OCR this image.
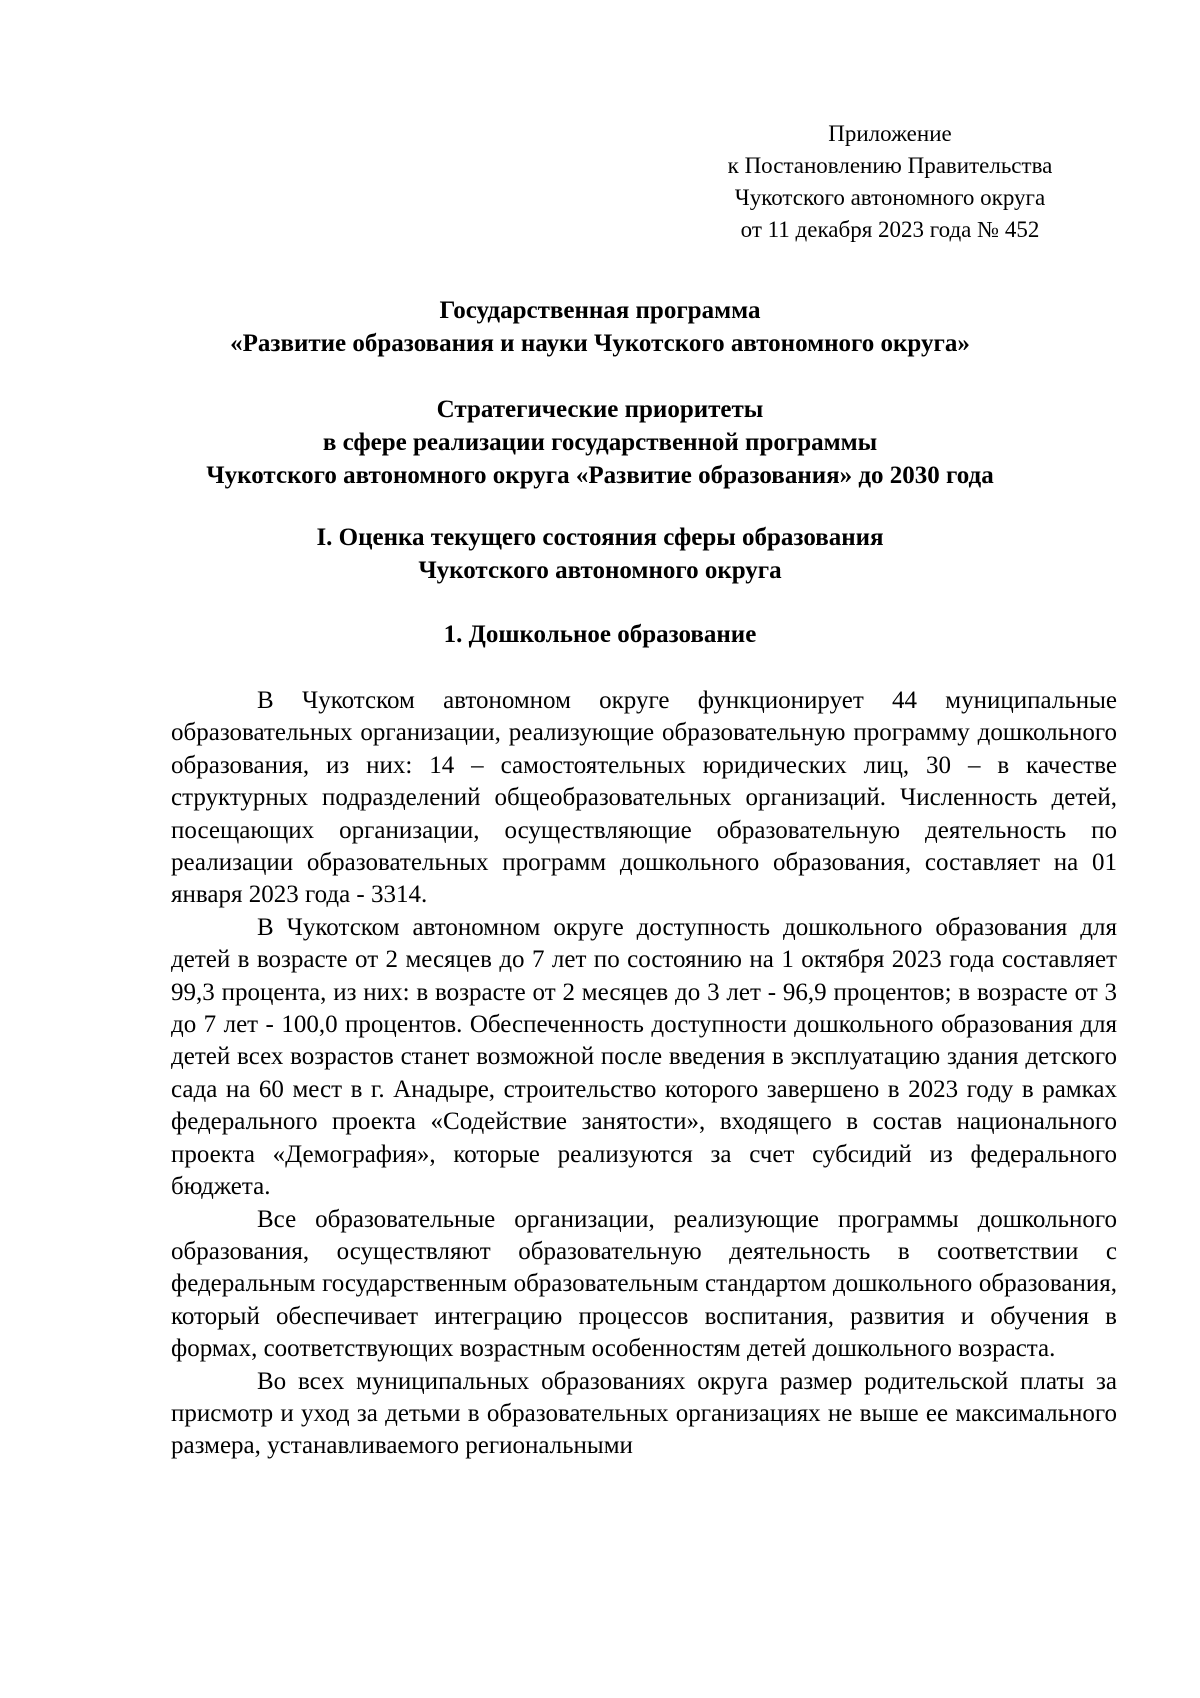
Приложение
к Постановлению Правительства
Чукотского автономного округа
от 11 декабря 2023 года № 452
Государственная программа
«Развитие образования и науки Чукотского автономного округа»
Стратегические приоритеты
в сфере реализации государственной программы
Чукотского автономного округа «Развитие образования» до 2030 года
I. Оценка текущего состояния сферы образования
Чукотского автономного округа
1. Дошкольное образование

В Чукотском автономном округе функционирует 44 муниципальные образовательных организации, реализующие образовательную программу дошкольного образования, из них: 14 – самостоятельных юридических лиц, 30 – в качестве структурных подразделений общеобразовательных организаций. Численность детей, посещающих организации, осуществляющие образовательную деятельность по реализации образовательных программ дошкольного образования, составляет на 01 января 2023 года - 3314.

В Чукотском автономном округе доступность дошкольного образования для детей в возрасте от 2 месяцев до 7 лет по состоянию на 1 октября 2023 года составляет 99,3 процента, из них: в возрасте от 2 месяцев до 3 лет - 96,9 процентов; в возрасте от 3 до 7 лет - 100,0 процентов. Обеспеченность доступности дошкольного образования для детей всех возрастов станет возможной после введения в эксплуатацию здания детского сада на 60 мест в г. Анадыре, строительство которого завершено в 2023 году в рамках федерального проекта «Содействие занятости», входящего в состав национального проекта «Демография», которые реализуются за счет субсидий из федерального бюджета.

Все образовательные организации, реализующие программы дошкольного образования, осуществляют образовательную деятельность в соответствии с федеральным государственным образовательным стандартом дошкольного образования, который обеспечивает интеграцию процессов воспитания, развития и обучения в формах, соответствующих возрастным особенностям детей дошкольного возраста.

Во всех муниципальных образованиях округа размер родительской платы за присмотр и уход за детьми в образовательных организациях не выше ее максимального размера, устанавливаемого региональными
